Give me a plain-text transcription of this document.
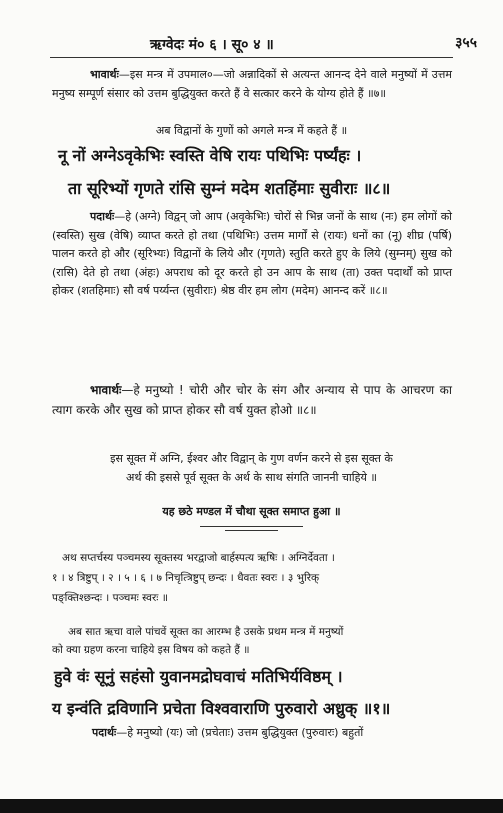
ऋग्वेदः मं० ६ । सू० ४ ॥	३५५
भावार्थः—इस मन्त्र में उपमाल०—जो अन्नादिकों से अत्यन्त आनन्द देने वाले मनुष्यों में उत्तम मनुष्य सम्पूर्ण संसार को उत्तम बुद्धियुक्त करते हैं वे सत्कार करने के योग्य होते हैं ॥७॥
अब विद्वानों के गुणों को अगले मन्त्र में कहते हैं ॥
नू नों अग्नेऽवृकेभिः स्वस्ति वेषि रायः पथिभिः पर्ष्यंहः ।
ता सूरिभ्यों गृणते रांसि सुम्नं मदेम शतहिंमाः सुवीराः ॥८॥
पदार्थः—हे (अग्ने) विद्वन् जो आप (अवृकेभिः) चोरों से भिन्न जनों के साथ (नः) हम लोगों को (स्वस्ति) सुख (वेषि) व्याप्त करते हो तथा (पथिभिः) उत्तम मार्गों से (रायः) धनों का (नू) शीघ्र (पर्षि) पालन करते हो और (सूरिभ्यः) विद्वानों के लिये और (गृणते) स्तुति करते हुए के लिये (सुम्नम्) सुख को (रासि) देते हो तथा (अंहः) अपराध को दूर करते हो उन आप के साथ (ता) उक्त पदार्थों को प्राप्त होकर (शतहिमाः) सौ वर्ष पर्य्यन्त (सुवीराः) श्रेष्ठ वीर हम लोग (मदेम) आनन्द करें ॥८॥
भावार्थः—हे मनुष्यो ! चोरी और चोर के संग और अन्याय से पाप के आचरण का त्याग करके और सुख को प्राप्त होकर सौ वर्ष युक्त होओ ॥८॥
इस सूक्त में अग्नि, ईश्वर और विद्वान् के गुण वर्णन करने से इस सूक्त के
अर्थ की इससे पूर्व सूक्त के अर्थ के साथ संगति जाननी चाहिये ॥
यह छठे मण्डल में चौथा सूक्त समाप्त हुआ ॥
अथ सप्तर्चस्य पञ्चमस्य सूक्तस्य भरद्वाजो बार्हस्पत्य ऋषिः । अग्निर्देवता ।
१ । ४ त्रिष्टुप् । २ । ५ । ६ । ७ निचृत्त्रिष्टुप् छन्दः । धैवतः स्वरः । ३ भुरिक्
पङ्क्तिश्छन्दः । पञ्चमः स्वरः ॥
अब सात ऋचा वाले पांचवें सूक्त का आरम्भ है उसके प्रथम मन्त्र में मनुष्यों
को क्या ग्रहण करना चाहिये इस विषय को कहते हैं ॥
हुवे वंः सूनुं सहंसो युवानमद्रोघवाचं मतिभिर्यविष्ठम् ।
य इन्वंति द्रविणानि प्रचेता विश्ववाराणि पुरुवारो अध्रुक् ॥१॥
पदार्थः—हे मनुष्यो (यः) जो (प्रचेताः) उत्तम बुद्धियुक्त (पुरुवारः) बहुतों
